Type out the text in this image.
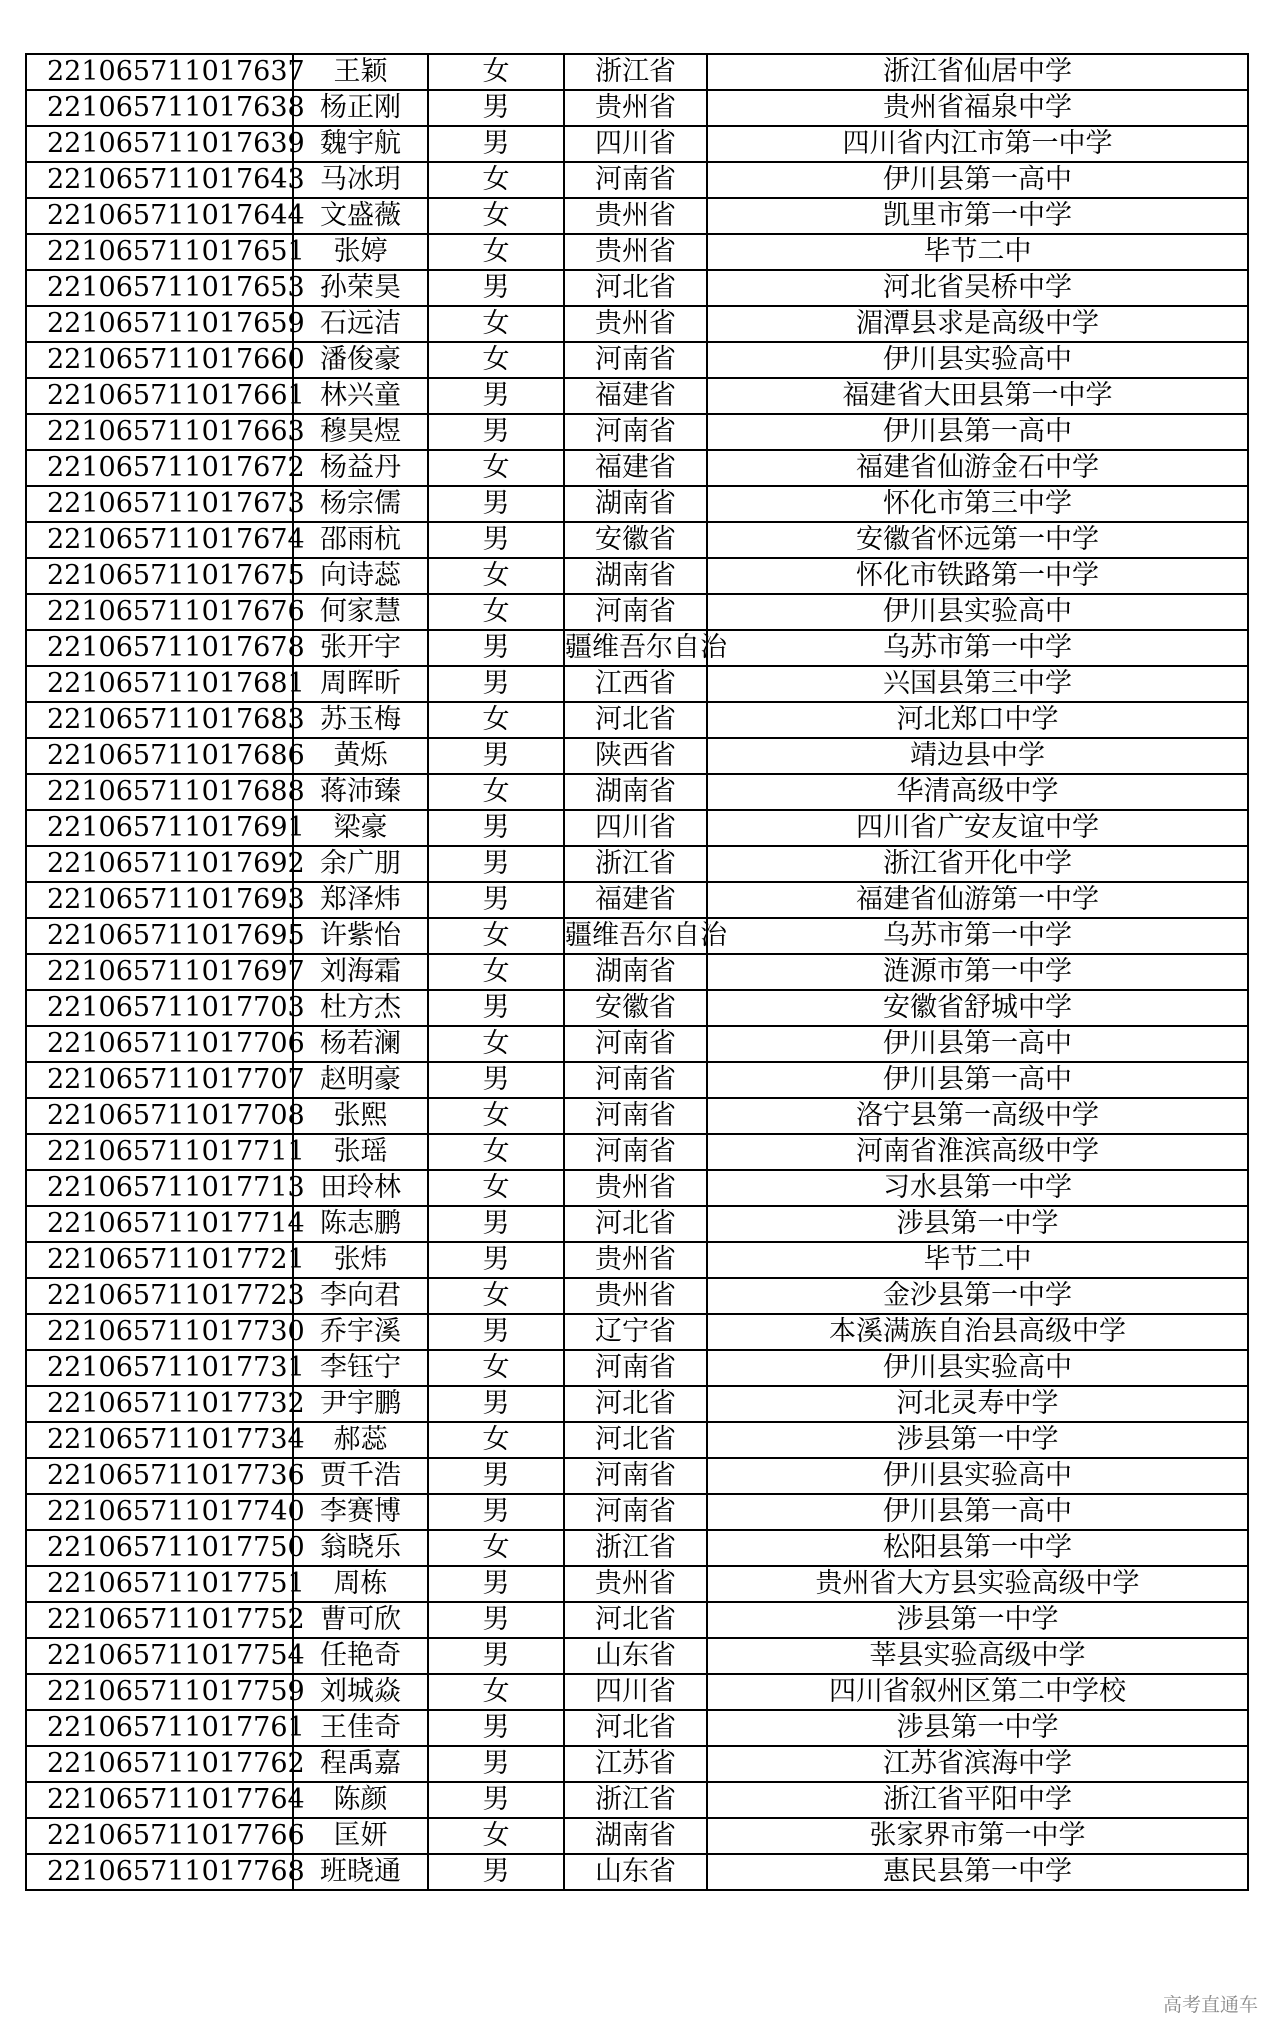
221065711017637	王颖	女	浙江省	浙江省仙居中学
221065711017638	杨正刚	男	贵州省	贵州省福泉中学
221065711017639	魏宇航	男	四川省	四川省内江市第一中学
221065711017643	马冰玥	女	河南省	伊川县第一高中
221065711017644	文盛薇	女	贵州省	凯里市第一中学
221065711017651	张婷	女	贵州省	毕节二中
221065711017653	孙荣昊	男	河北省	河北省吴桥中学
221065711017659	石远洁	女	贵州省	湄潭县求是高级中学
221065711017660	潘俊豪	女	河南省	伊川县实验高中
221065711017661	林兴童	男	福建省	福建省大田县第一中学
221065711017663	穆昊煜	男	河南省	伊川县第一高中
221065711017672	杨益丹	女	福建省	福建省仙游金石中学
221065711017673	杨宗儒	男	湖南省	怀化市第三中学
221065711017674	邵雨杭	男	安徽省	安徽省怀远第一中学
221065711017675	向诗蕊	女	湖南省	怀化市铁路第一中学
221065711017676	何家慧	女	河南省	伊川县实验高中
221065711017678	张开宇	男	疆维吾尔自治	乌苏市第一中学
221065711017681	周晖昕	男	江西省	兴国县第三中学
221065711017683	苏玉梅	女	河北省	河北郑口中学
221065711017686	黄烁	男	陕西省	靖边县中学
221065711017688	蒋沛臻	女	湖南省	华清高级中学
221065711017691	梁豪	男	四川省	四川省广安友谊中学
221065711017692	余广朋	男	浙江省	浙江省开化中学
221065711017693	郑泽炜	男	福建省	福建省仙游第一中学
221065711017695	许紫怡	女	疆维吾尔自治	乌苏市第一中学
221065711017697	刘海霜	女	湖南省	涟源市第一中学
221065711017703	杜方杰	男	安徽省	安徽省舒城中学
221065711017706	杨若澜	女	河南省	伊川县第一高中
221065711017707	赵明豪	男	河南省	伊川县第一高中
221065711017708	张熙	女	河南省	洛宁县第一高级中学
221065711017711	张瑶	女	河南省	河南省淮滨高级中学
221065711017713	田玲林	女	贵州省	习水县第一中学
221065711017714	陈志鹏	男	河北省	涉县第一中学
221065711017721	张炜	男	贵州省	毕节二中
221065711017723	李向君	女	贵州省	金沙县第一中学
221065711017730	乔宇溪	男	辽宁省	本溪满族自治县高级中学
221065711017731	李钰宁	女	河南省	伊川县实验高中
221065711017732	尹宇鹏	男	河北省	河北灵寿中学
221065711017734	郝蕊	女	河北省	涉县第一中学
221065711017736	贾千浩	男	河南省	伊川县实验高中
221065711017740	李赛博	男	河南省	伊川县第一高中
221065711017750	翁晓乐	女	浙江省	松阳县第一中学
221065711017751	周栋	男	贵州省	贵州省大方县实验高级中学
221065711017752	曹可欣	男	河北省	涉县第一中学
221065711017754	任艳奇	男	山东省	莘县实验高级中学
221065711017759	刘城焱	女	四川省	四川省叙州区第二中学校
221065711017761	王佳奇	男	河北省	涉县第一中学
221065711017762	程禹嘉	男	江苏省	江苏省滨海中学
221065711017764	陈颜	男	浙江省	浙江省平阳中学
221065711017766	匡妍	女	湖南省	张家界市第一中学
221065711017768	班晓通	男	山东省	惠民县第一中学
高考直通车
